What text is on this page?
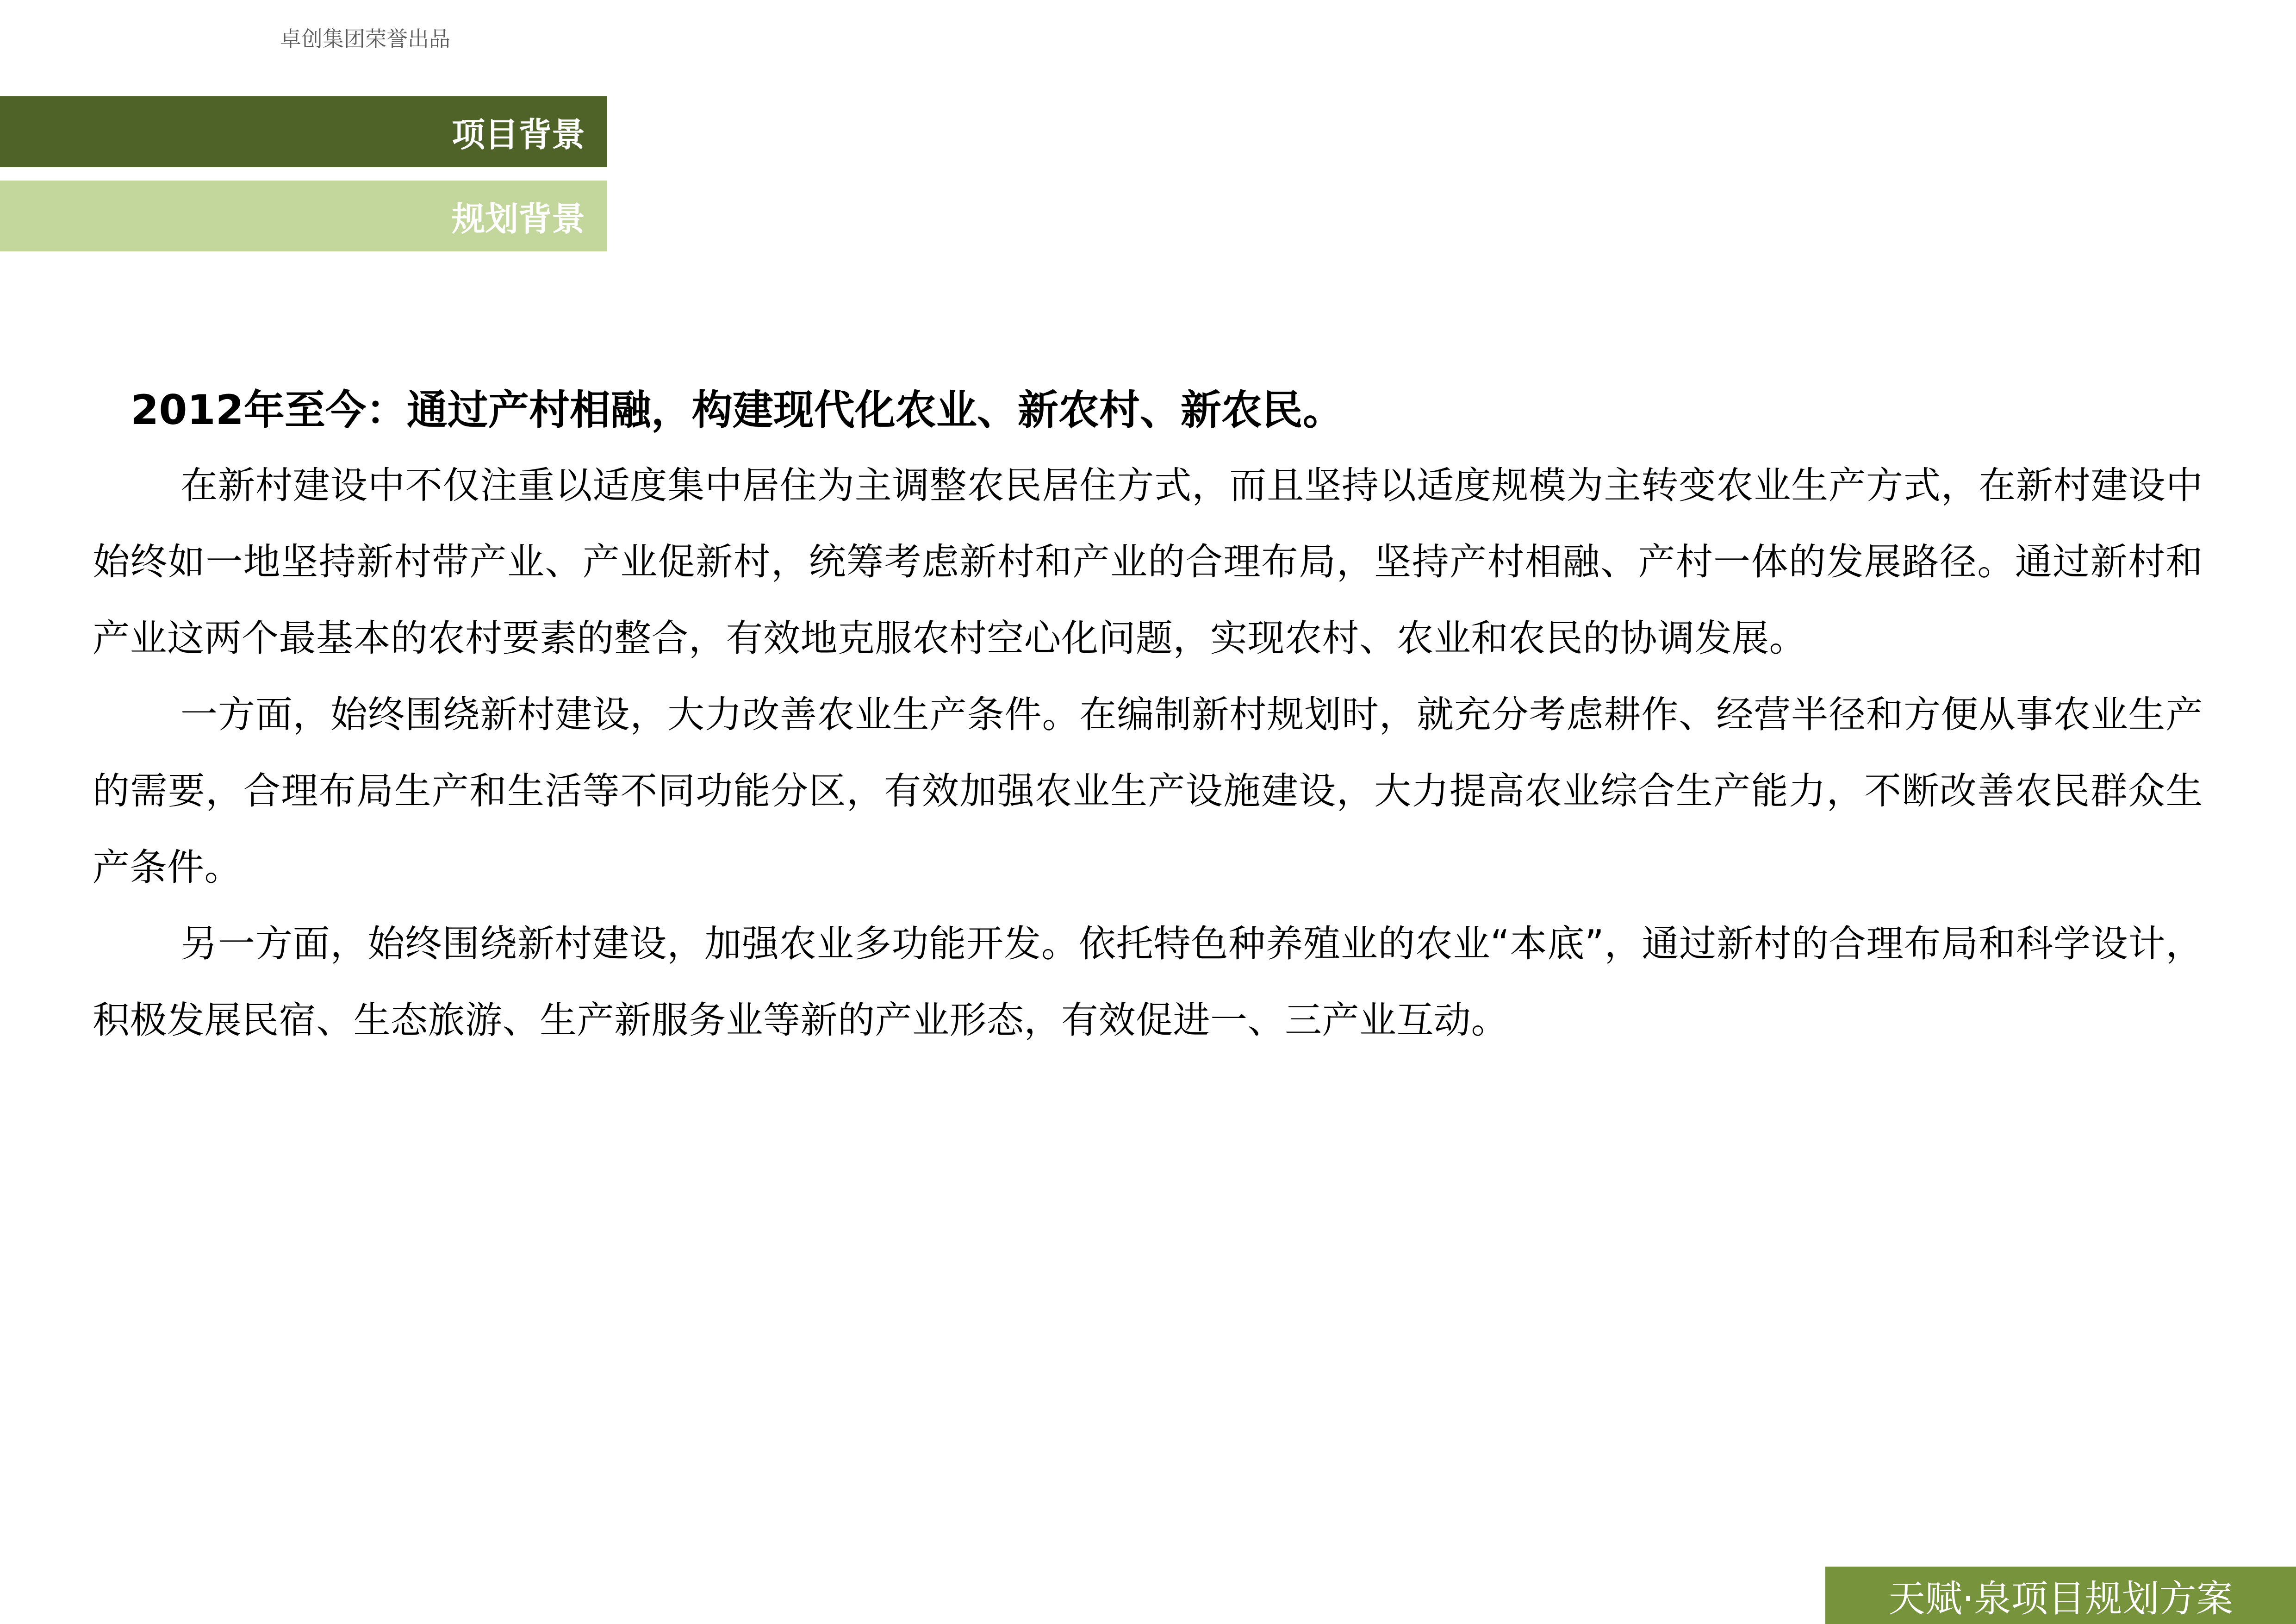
卓创集团荣誉出品
项目背景
规划背景

2012年至今：通过产村相融，构建现代化农业、新农村、新农民。

在新村建设中不仅注重以适度集中居住为主调整农民居住方式，而且坚持以适度规模为主转变农业生产方式，在新村建设中始终如一地坚持新村带产业、产业促新村，统筹考虑新村和产业的合理布局，坚持产村相融、产村一体的发展路径。通过新村和产业这两个最基本的农村要素的整合，有效地克服农村空心化问题，实现农村、农业和农民的协调发展。

一方面，始终围绕新村建设，大力改善农业生产条件。在编制新村规划时，就充分考虑耕作、经营半径和方便从事农业生产的需要，合理布局生产和生活等不同功能分区，有效加强农业生产设施建设，大力提高农业综合生产能力，不断改善农民群众生产条件。

另一方面，始终围绕新村建设，加强农业多功能开发。依托特色种养殖业的农业“本底”，通过新村的合理布局和科学设计，积极发展民宿、生态旅游、生产新服务业等新的产业形态，有效促进一、三产业互动。

天赋·泉项目规划方案
